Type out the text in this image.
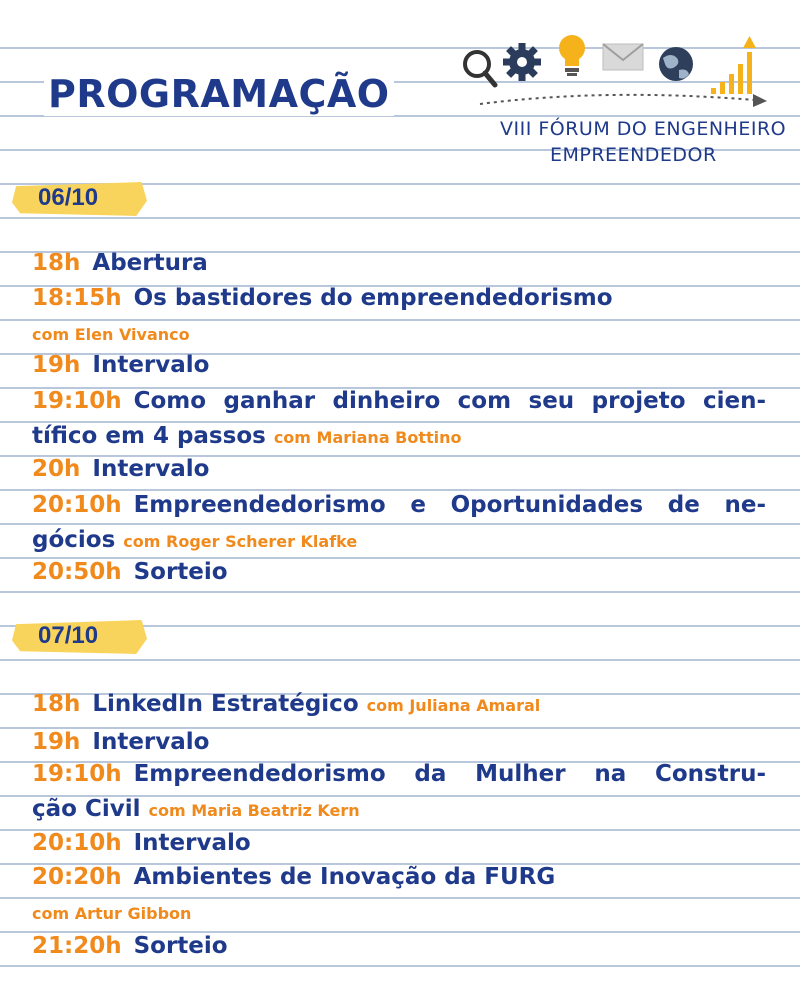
PROGRAMAÇÃO
VIII FÓRUM DO ENGENHEIRO
EMPREENDEDOR
06/10
18h Abertura
18:15h Os bastidores do empreendedorismo
com Elen Vivanco
19h Intervalo
19:10h Como ganhar dinheiro com seu projeto cien-
tífico em 4 passos com Mariana Bottino
20h Intervalo
20:10h Empreendedorismo e Oportunidades de ne-
gócios com Roger Scherer Klafke
20:50h Sorteio
07/10
18h LinkedIn Estratégico com Juliana Amaral
19h Intervalo
19:10h Empreendedorismo da Mulher na Constru-
ção Civil com Maria Beatriz Kern
20:10h Intervalo
20:20h Ambientes de Inovação da FURG
com Artur Gibbon
21:20h Sorteio
